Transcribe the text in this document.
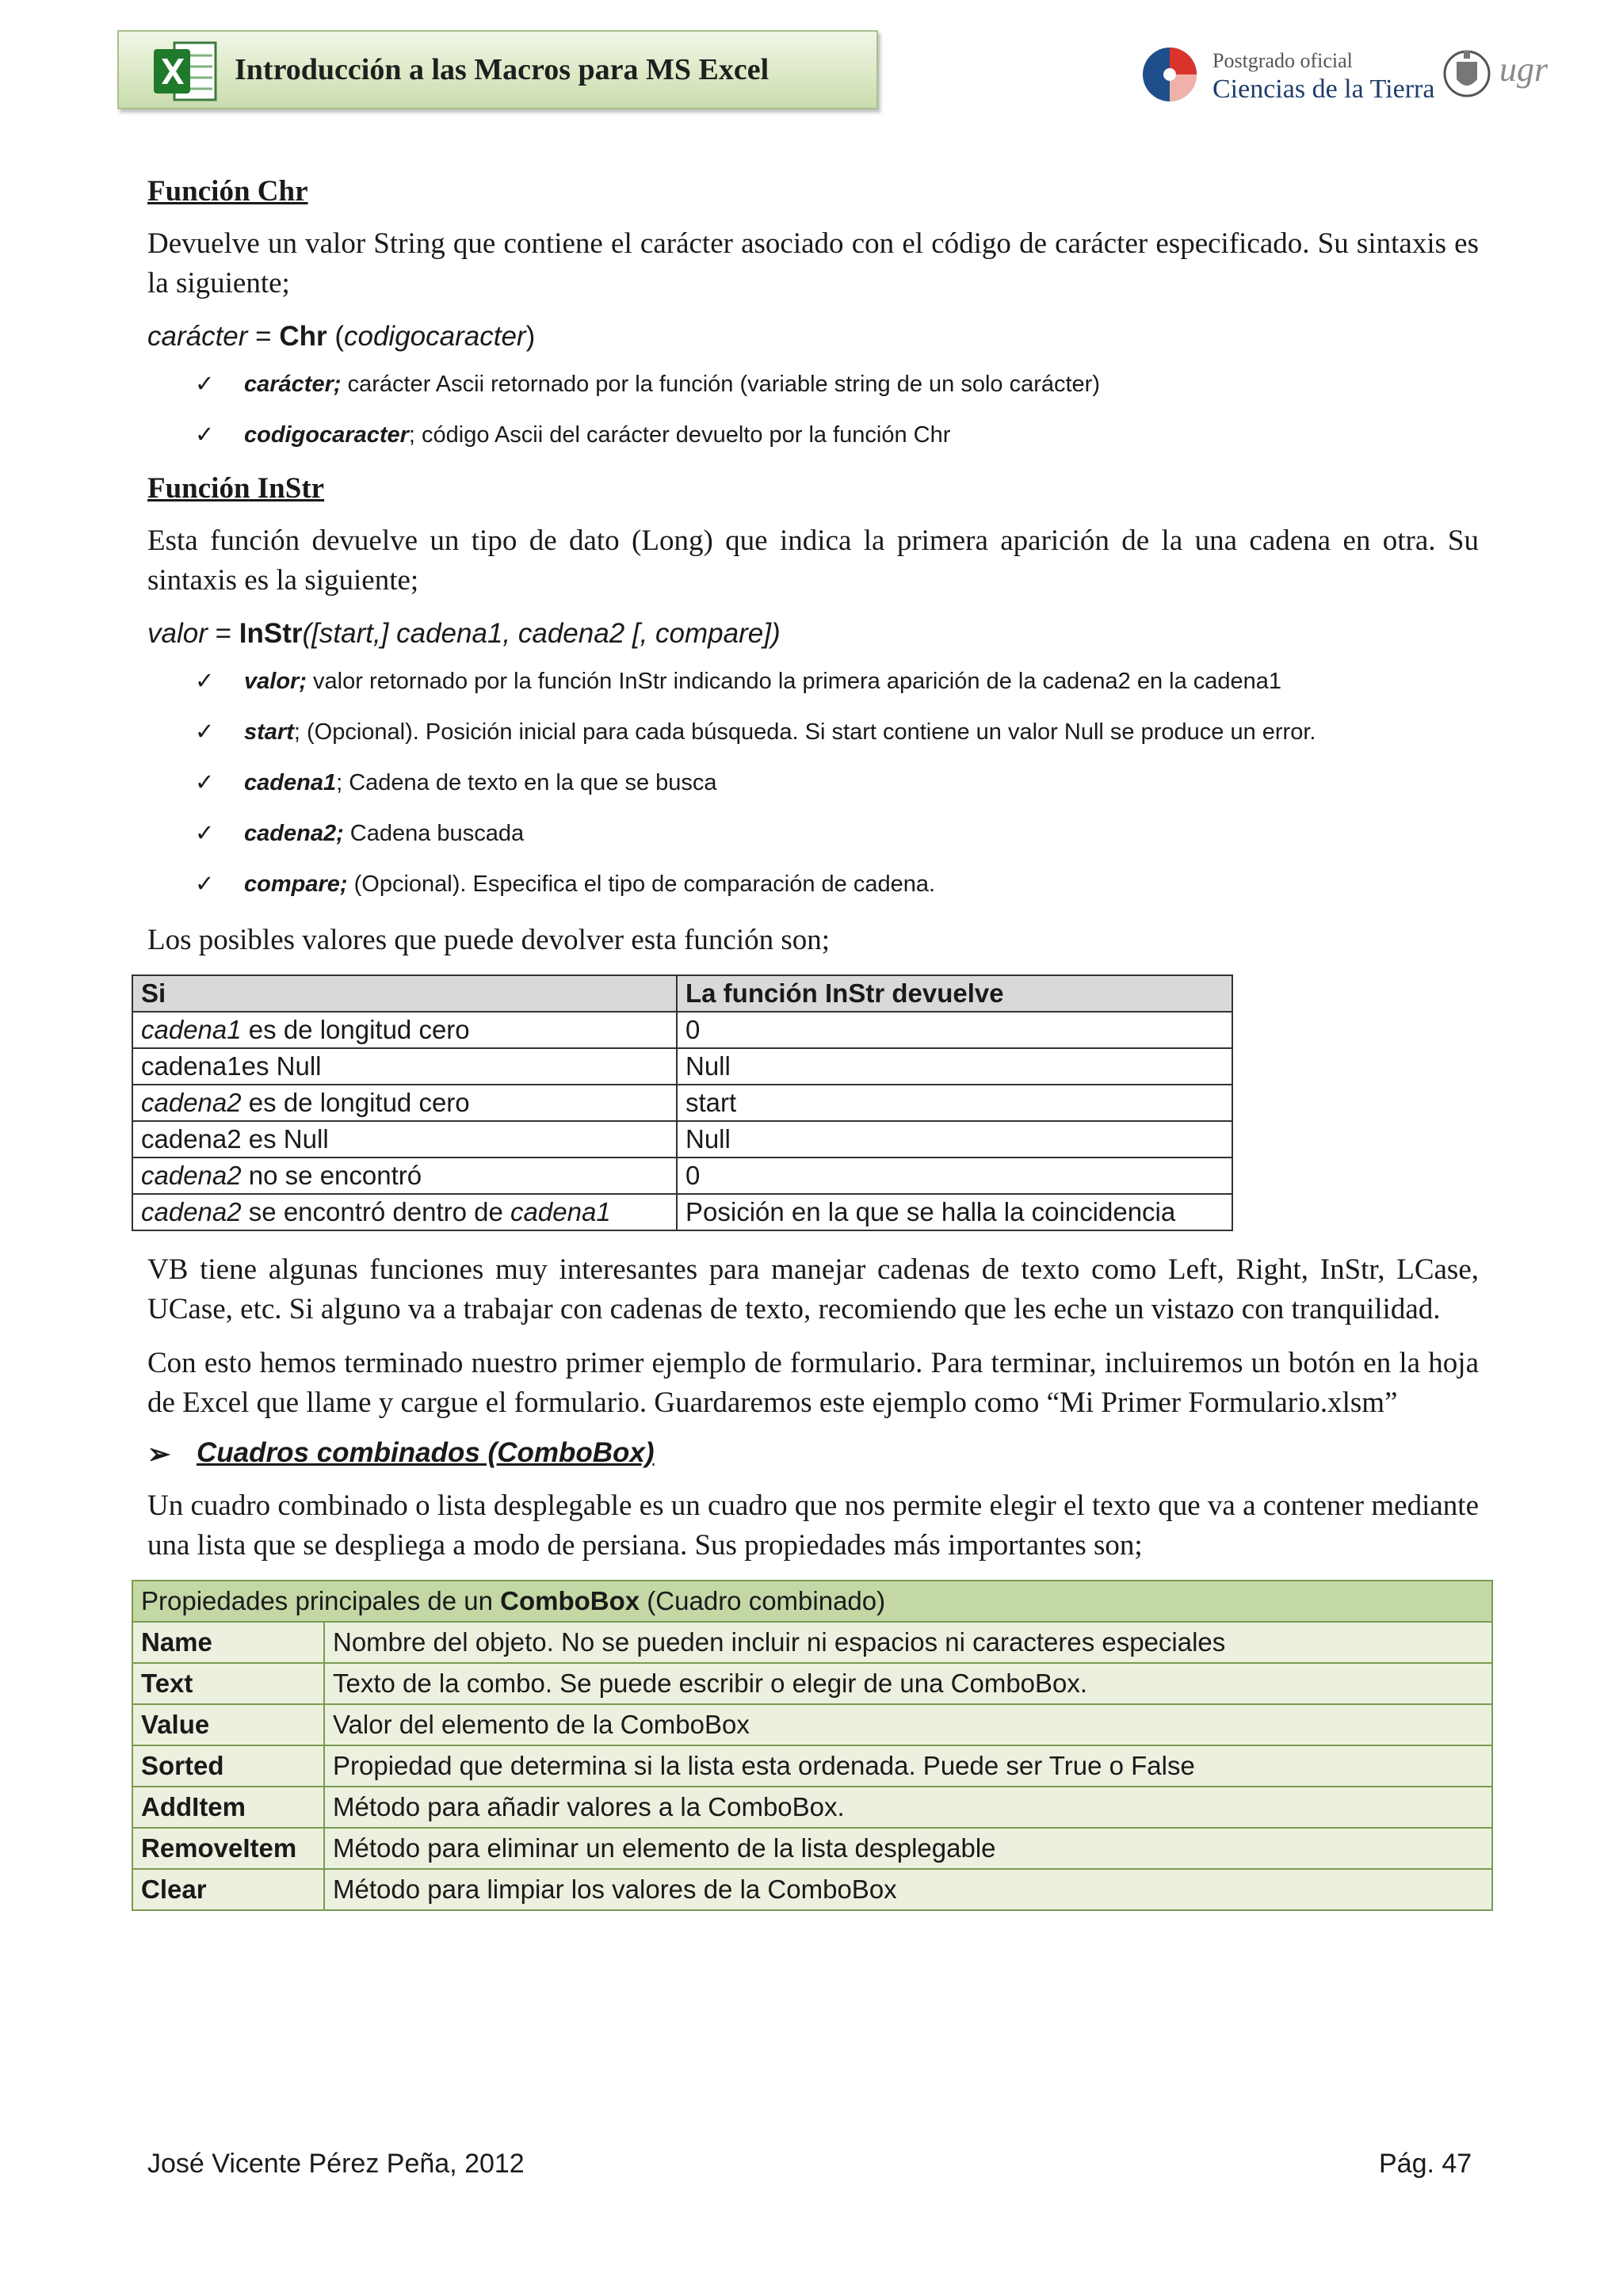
Introducción a las Macros para MS Excel	Postgrado oficial
Ciencias de la Tierra
ugr
Función Chr

Devuelve un valor String que contiene el carácter asociado con el código de carácter especificado. Su sintaxis es la siguiente;

carácter = Chr (codigocaracter)
✓ carácter; carácter Ascii retornado por la función (variable string de un solo carácter)
✓ codigocaracter; código Ascii del carácter devuelto por la función Chr
Función InStr

Esta función devuelve un tipo de dato (Long) que indica la primera aparición de la una cadena en otra. Su sintaxis es la siguiente;

valor = InStr([start,] cadena1, cadena2 [, compare])
✓ valor; valor retornado por la función InStr indicando la primera aparición de la cadena2 en la cadena1
✓ start; (Opcional). Posición inicial para cada búsqueda. Si start contiene un valor Null se produce un error.
✓ cadena1; Cadena de texto en la que se busca
✓ cadena2; Cadena buscada
✓ compare; (Opcional). Especifica el tipo de comparación de cadena.

Los posibles valores que puede devolver esta función son;

Si	La función InStr devuelve
cadena1 es de longitud cero	0
cadena1es Null	Null
cadena2 es de longitud cero	start
cadena2 es Null	Null
cadena2 no se encontró	0
cadena2 se encontró dentro de cadena1	Posición en la que se halla la coincidencia

VB tiene algunas funciones muy interesantes para manejar cadenas de texto como Left, Right, InStr, LCase, UCase, etc. Si alguno va a trabajar con cadenas de texto, recomiendo que les eche un vistazo con tranquilidad.

Con esto hemos terminado nuestro primer ejemplo de formulario. Para terminar, incluiremos un botón en la hoja de Excel que llame y cargue el formulario. Guardaremos este ejemplo como “Mi Primer Formulario.xlsm”

➢ Cuadros combinados (ComboBox)

Un cuadro combinado o lista desplegable es un cuadro que nos permite elegir el texto que va a contener mediante una lista que se despliega a modo de persiana. Sus propiedades más importantes son;

Propiedades principales de un ComboBox (Cuadro combinado)	
Name	Nombre del objeto. No se pueden incluir ni espacios ni caracteres especiales
Text	Texto de la combo. Se puede escribir o elegir de una ComboBox.
Value	Valor del elemento de la ComboBox
Sorted	Propiedad que determina si la lista esta ordenada. Puede ser True o False
AddItem	Método para añadir valores a la ComboBox.
RemoveItem	Método para eliminar un elemento de la lista desplegable
Clear	Método para limpiar los valores de la ComboBox
José Vicente Pérez Peña, 2012	Pág. 47
